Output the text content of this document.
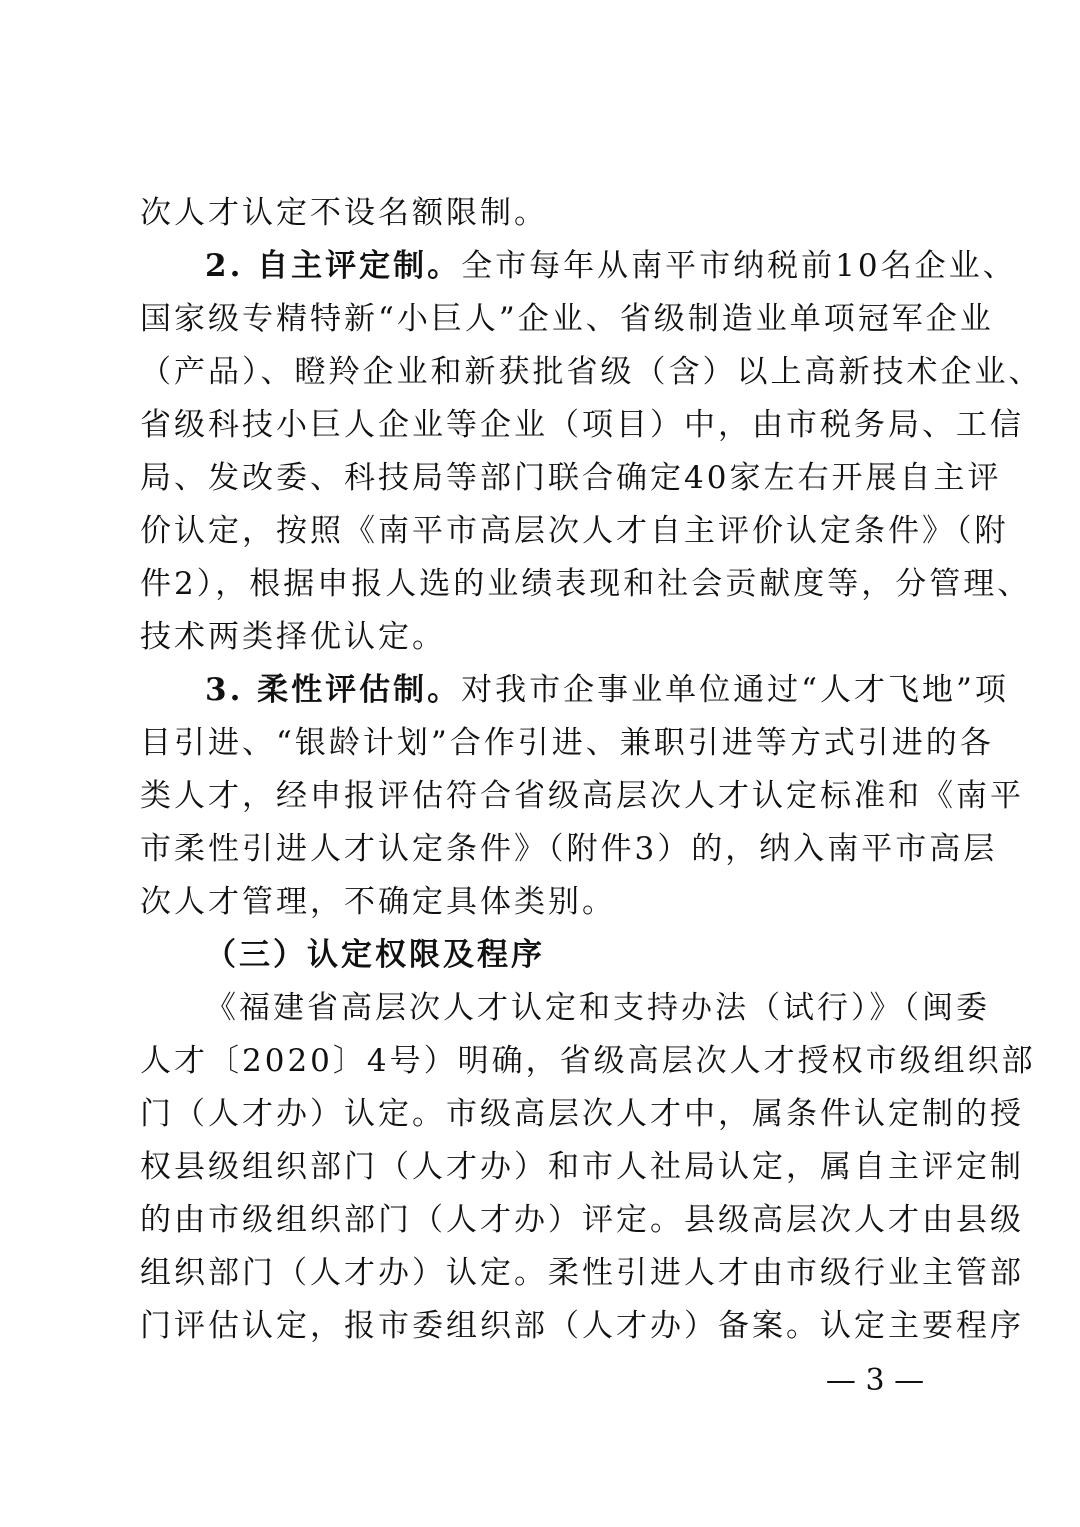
次人才认定不设名额限制。
2. 自主评定制。全市每年从南平市纳税前10名企业、
国家级专精特新“小巨人”企业、省级制造业单项冠军企业
（产品）、瞪羚企业和新获批省级（含）以上高新技术企业、
省级科技小巨人企业等企业（项目）中，由市税务局、工信
局、发改委、科技局等部门联合确定40家左右开展自主评
价认定，按照《南平市高层次人才自主评价认定条件》（附
件2），根据申报人选的业绩表现和社会贡献度等，分管理、
技术两类择优认定。
3. 柔性评估制。对我市企事业单位通过“人才飞地”项
目引进、“银龄计划”合作引进、兼职引进等方式引进的各
类人才，经申报评估符合省级高层次人才认定标准和《南平
市柔性引进人才认定条件》（附件3）的，纳入南平市高层
次人才管理，不确定具体类别。
（三）认定权限及程序
《福建省高层次人才认定和支持办法（试行）》（闽委
人才〔2020〕4号）明确，省级高层次人才授权市级组织部
门（人才办）认定。市级高层次人才中，属条件认定制的授
权县级组织部门（人才办）和市人社局认定，属自主评定制
的由市级组织部门（人才办）评定。县级高层次人才由县级
组织部门（人才办）认定。柔性引进人才由市级行业主管部
门评估认定，报市委组织部（人才办）备案。认定主要程序
— 3 —
